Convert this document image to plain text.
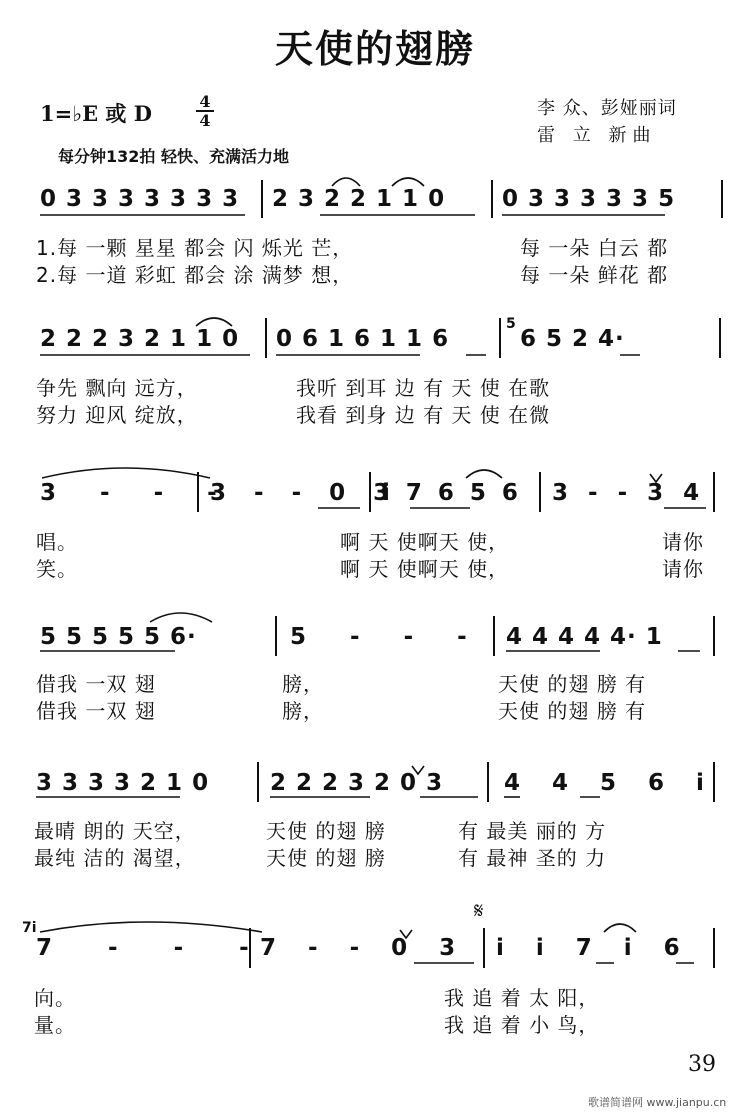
天使的翅膀
1=♭E 或 D	4
4
李 众、彭娅丽词
雷 立 新曲
每分钟132拍 轻快、充满活力地
0 3 3 3 3 3 3 3 2 3 2 2 1 1 0 0 3 3 3 3 3 5
1.每 一颗 星星 都会 闪 烁光 芒，	每 一朵 白云 都
2.每 一道 彩虹 都会 涂 满梦 想，	每 一朵 鲜花 都
2 2 2 3 2 1 1 0 0 6 1 6 1 1 6	6 5 2 4·
5
争先 飘向 远方，	我听 到耳 边 有 天 使 在歌
努力 迎风 绽放，	我看 到身 边 有 天 使 在微
3 - - -
3 - - 0 3
i 7 6 5 6 3 - - 3 4
唱。	啊 天 使啊天 使，	请你
笑。	啊 天 使啊天 使，	请你
5 5 5 5 5 6·	5 - - - 4 4 4 4 4· 1
借我 一双 翅	膀，	天使 的翅 膀 有
借我 一双 翅	膀，	天使 的翅 膀 有
3 3 3 3 2 1 0	2 2 2 3 2 0 3	4 4 5 6 i
最晴 朗的 天空，	天使 的翅 膀	有 最美 丽的 方
最纯 洁的 渴望，	天使 的翅 膀	有 最神 圣的 力
7i
7 - - -
7 - - 0 3 i i 7 i 6
向。	我 追 着 太 阳，
量。	我 追 着 小 鸟，
39
歌谱简谱网 www.jianpu.cn
𝄋
